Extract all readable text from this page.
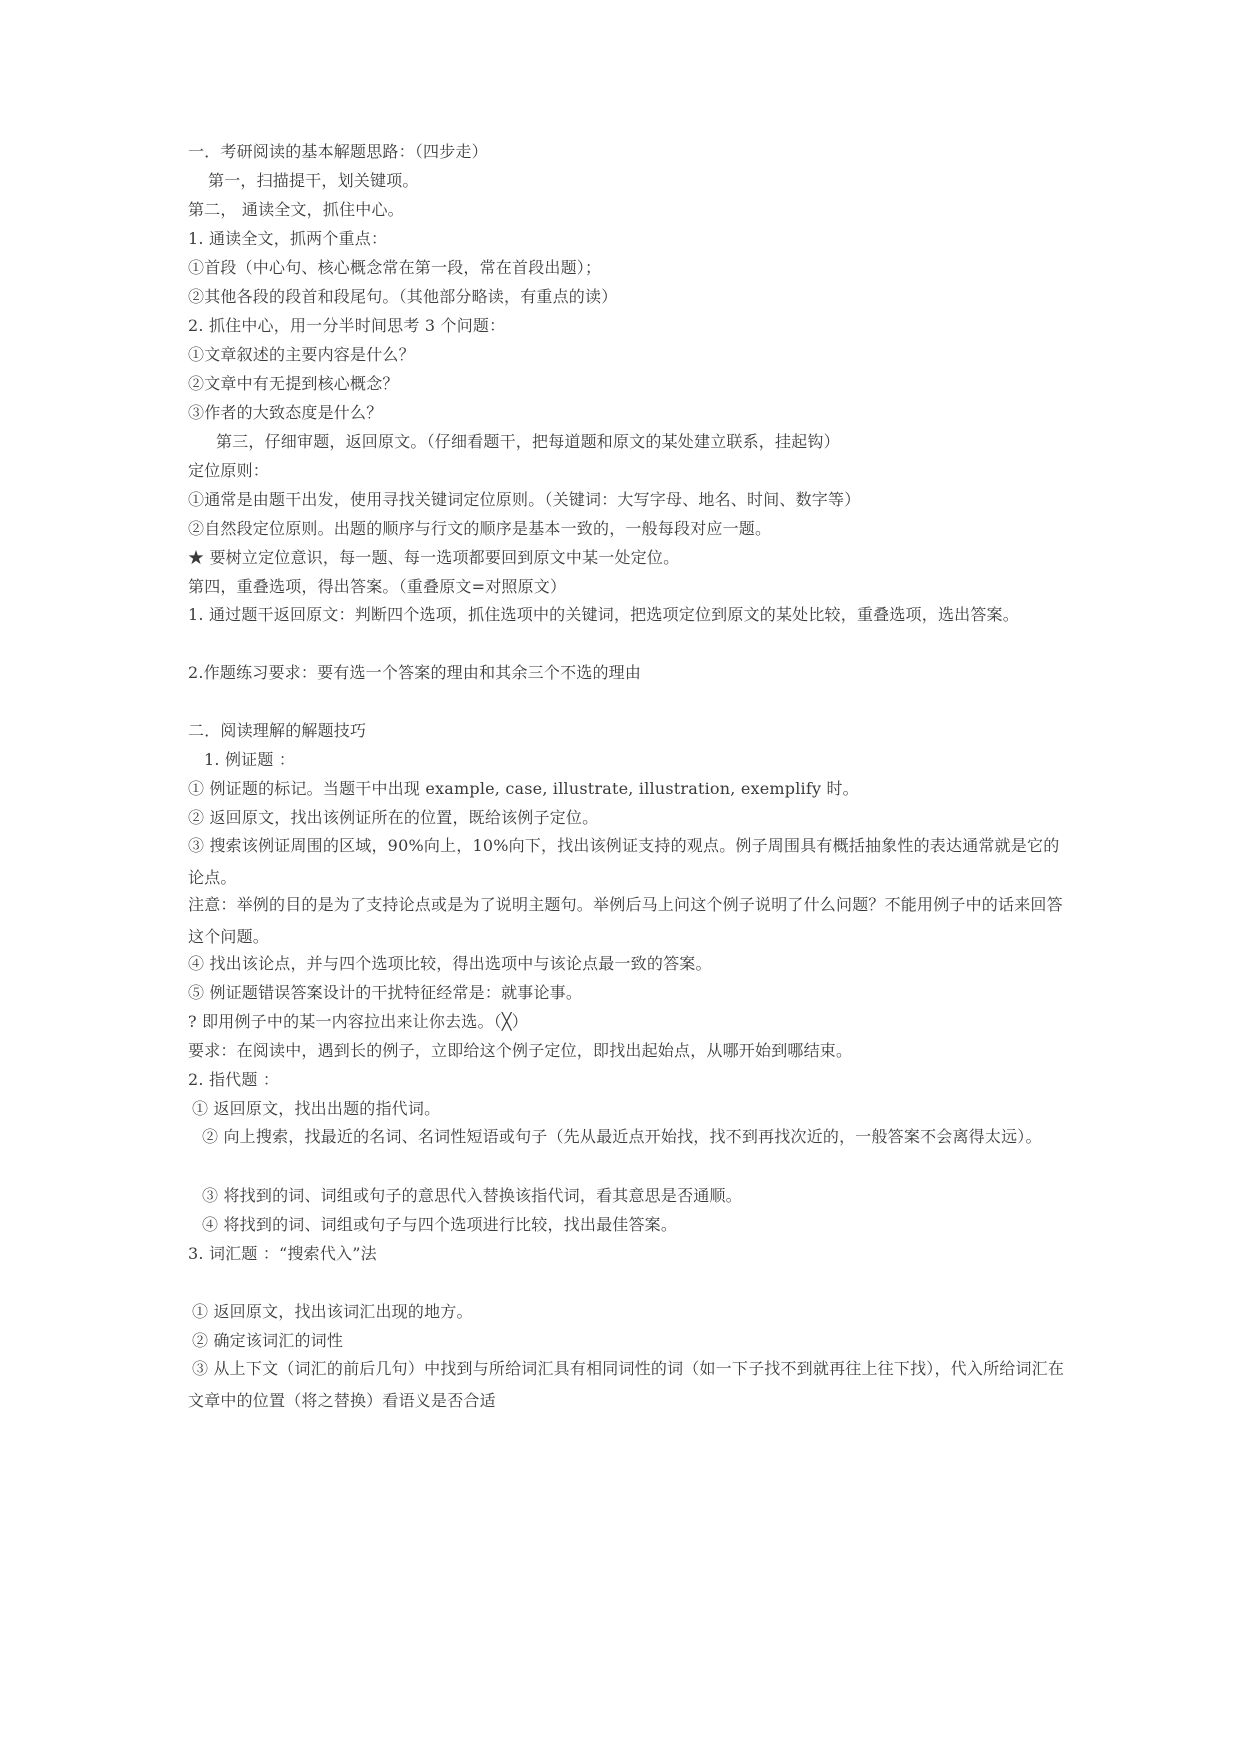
一．考研阅读的基本解题思路：（四步走）
第一，扫描提干，划关键项。
第二， 通读全文，抓住中心。
1. 通读全文，抓两个重点：
①首段（中心句、核心概念常在第一段，常在首段出题）；
②其他各段的段首和段尾句。（其他部分略读，有重点的读）
2. 抓住中心，用一分半时间思考 3 个问题：
①文章叙述的主要内容是什么？
②文章中有无提到核心概念？
③作者的大致态度是什么？
第三，仔细审题，返回原文。（仔细看题干，把每道题和原文的某处建立联系，挂起钩）
定位原则：
①通常是由题干出发，使用寻找关键词定位原则。（关键词：大写字母、地名、时间、数字等）
②自然段定位原则。出题的顺序与行文的顺序是基本一致的，一般每段对应一题。
★ 要树立定位意识，每一题、每一选项都要回到原文中某一处定位。
第四，重叠选项，得出答案。（重叠原文=对照原文）
1. 通过题干返回原文：判断四个选项，抓住选项中的关键词，把选项定位到原文的某处比较，重叠选项，选出答案。
2.作题练习要求：要有选一个答案的理由和其余三个不选的理由
二．阅读理解的解题技巧
1. 例证题 ：
① 例证题的标记。当题干中出现 example, case, illustrate, illustration, exemplify 时。
② 返回原文，找出该例证所在的位置，既给该例子定位。
③ 搜索该例证周围的区域，90%向上，10%向下，找出该例证支持的观点。例子周围具有概括抽象性的表达通常就是它的论点。
注意：举例的目的是为了支持论点或是为了说明主题句。举例后马上问这个例子说明了什么问题？不能用例子中的话来回答这个问题。
④ 找出该论点，并与四个选项比较，得出选项中与该论点最一致的答案。
⑤ 例证题错误答案设计的干扰特征经常是：就事论事。
? 即用例子中的某一内容拉出来让你去选。（╳）
要求：在阅读中，遇到长的例子，立即给这个例子定位，即找出起始点，从哪开始到哪结束。
2. 指代题 ：
① 返回原文，找出出题的指代词。
② 向上搜索，找最近的名词、名词性短语或句子（先从最近点开始找，找不到再找次近的，一般答案不会离得太远）。
③ 将找到的词、词组或句子的意思代入替换该指代词，看其意思是否通顺。
④ 将找到的词、词组或句子与四个选项进行比较，找出最佳答案。
3. 词汇题 ：“搜索代入”法
① 返回原文，找出该词汇出现的地方。
② 确定该词汇的词性
③ 从上下文（词汇的前后几句）中找到与所给词汇具有相同词性的词（如一下子找不到就再往上往下找），代入所给词汇在文章中的位置（将之替换）看语义是否合适
